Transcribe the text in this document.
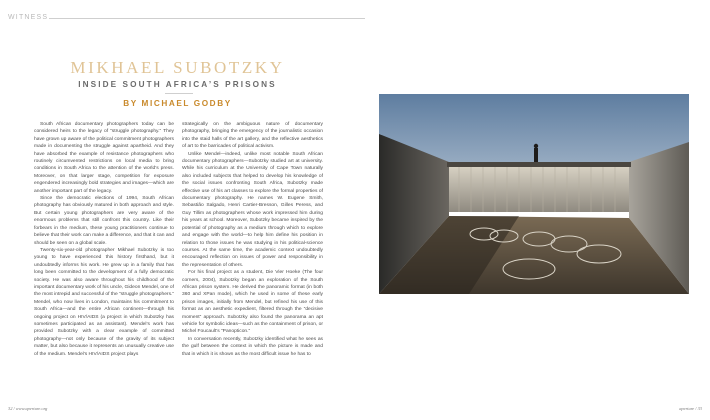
WITNESS
MIKHAEL SUBOTZKY
INSIDE SOUTH AFRICA’S PRISONS
BY MICHAEL GODBY

South African documentary photographers today can be considered heirs to the legacy of “struggle photography.” They have grown up aware of the political commitment photographers made in documenting the struggle against apartheid. And they have absorbed the example of resistance photographers who routinely circumvented restrictions on local media to bring conditions in South Africa to the attention of the world’s press. Moreover, on that larger stage, competition for exposure engendered increasingly bold strategies and images—which are another important part of the legacy.

Since the democratic elections of 1994, South African photography has obviously matured in both approach and style. But certain young photographers are very aware of the enormous problems that still confront this country. Like their forbears in the medium, these young practitioners continue to believe that their work can make a difference, and that it can and should be seen on a global scale.

Twenty-six-year-old photographer Mikhael Subotzky is too young to have experienced this history firsthand, but it undoubtedly informs his work. He grew up in a family that has long been committed to the development of a fully democratic society. He was also aware throughout his childhood of the important documentary work of his uncle, Gideon Mendel, one of the most intrepid and successful of the “struggle photographers.” Mendel, who now lives in London, maintains his commitment to South Africa—and the entire African continent—through his ongoing project on HIV/AIDS (a project in which Subotzky has sometimes participated as an assistant). Mendel’s work has provided Subotzky with a clear example of committed photography—not only because of the gravity of its subject matter, but also because it represents an unusually creative use of the medium. Mendel’s HIV/AIDS project plays

strategically on the ambiguous nature of documentary photography, bringing the emergency of the journalistic occasion into the staid halls of the art gallery, and the reflective aesthetics of art to the barricades of political activism.

Unlike Mendel—indeed, unlike most notable South African documentary photographers—Subotzky studied art at university. While his curriculum at the University of Cape Town naturally also included subjects that helped to develop his knowledge of the social issues confronting South Africa, Subotzky made effective use of his art classes to explore the formal properties of documentary photography. He names W. Eugene Smith, Sebastião Salgado, Henri Cartier-Bresson, Gilles Peress, and Guy Tillim as photographers whose work impressed him during his years at school. Moreover, Subotzky became inspired by the potential of photography as a medium through which to explore and engage with the world—to help him define his position in relation to those issues he was studying in his political-science courses. At the same time, the academic context undoubtedly encouraged reflection on issues of power and responsibility in the representation of others.

For his final project as a student, Die Vier Hoeke (The four corners, 2004), Subotzky began an exploration of the South African prison system. He derived the panoramic format (in both 360 and XPan mode), which he used in some of these early prison images, initially from Mendel, but refined his use of this format as an aesthetic expedient, filtered through the “decisive moment” approach. Subotzky also found the panorama an apt vehicle for symbolic ideas—such as the containment of prison, or Michel Foucault’s “Panopticon.”

In conversation recently, Subotzky identified what he sees as the gulf between the context in which the picture is made and that in which it is shown as the most difficult issue he has to

32 / www.aperture.org	aperture / 33
